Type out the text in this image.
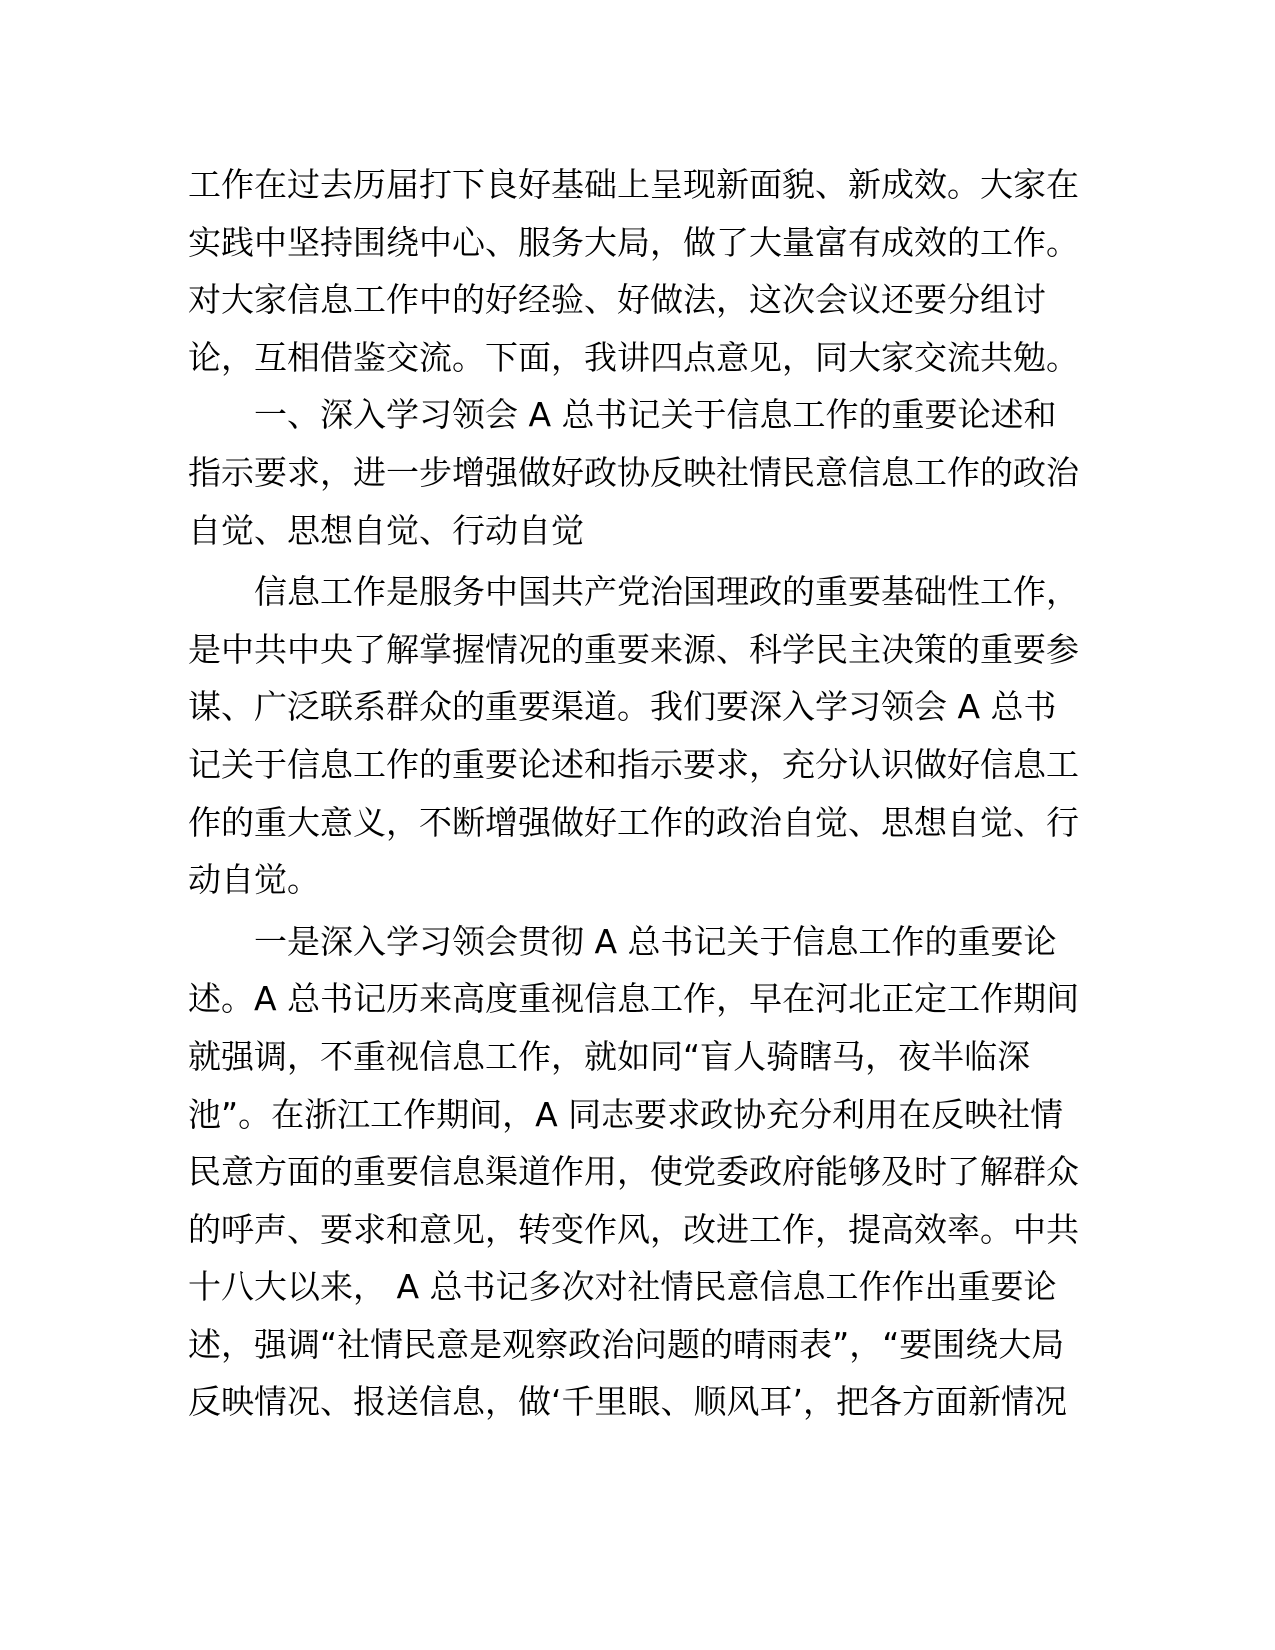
工作在过去历届打下良好基础上呈现新面貌、新成效。大家在
实践中坚持围绕中心、服务大局，做了大量富有成效的工作。
对大家信息工作中的好经验、好做法，这次会议还要分组讨
论，互相借鉴交流。下面，我讲四点意见，同大家交流共勉。
一、深入学习领会 A 总书记关于信息工作的重要论述和
指示要求，进一步增强做好政协反映社情民意信息工作的政治
自觉、思想自觉、行动自觉
信息工作是服务中国共产党治国理政的重要基础性工作，
是中共中央了解掌握情况的重要来源、科学民主决策的重要参
谋、广泛联系群众的重要渠道。我们要深入学习领会 A 总书
记关于信息工作的重要论述和指示要求，充分认识做好信息工
作的重大意义，不断增强做好工作的政治自觉、思想自觉、行
动自觉。
一是深入学习领会贯彻 A 总书记关于信息工作的重要论
述。A 总书记历来高度重视信息工作，早在河北正定工作期间
就强调，不重视信息工作，就如同“盲人骑瞎马，夜半临深
池”。在浙江工作期间，A 同志要求政协充分利用在反映社情
民意方面的重要信息渠道作用，使党委政府能够及时了解群众
的呼声、要求和意见，转变作风，改进工作，提高效率。中共
十八大以来， A 总书记多次对社情民意信息工作作出重要论
述，强调“社情民意是观察政治问题的晴雨表”，“要围绕大局
反映情况、报送信息，做‘千里眼、顺风耳’，把各方面新情况
